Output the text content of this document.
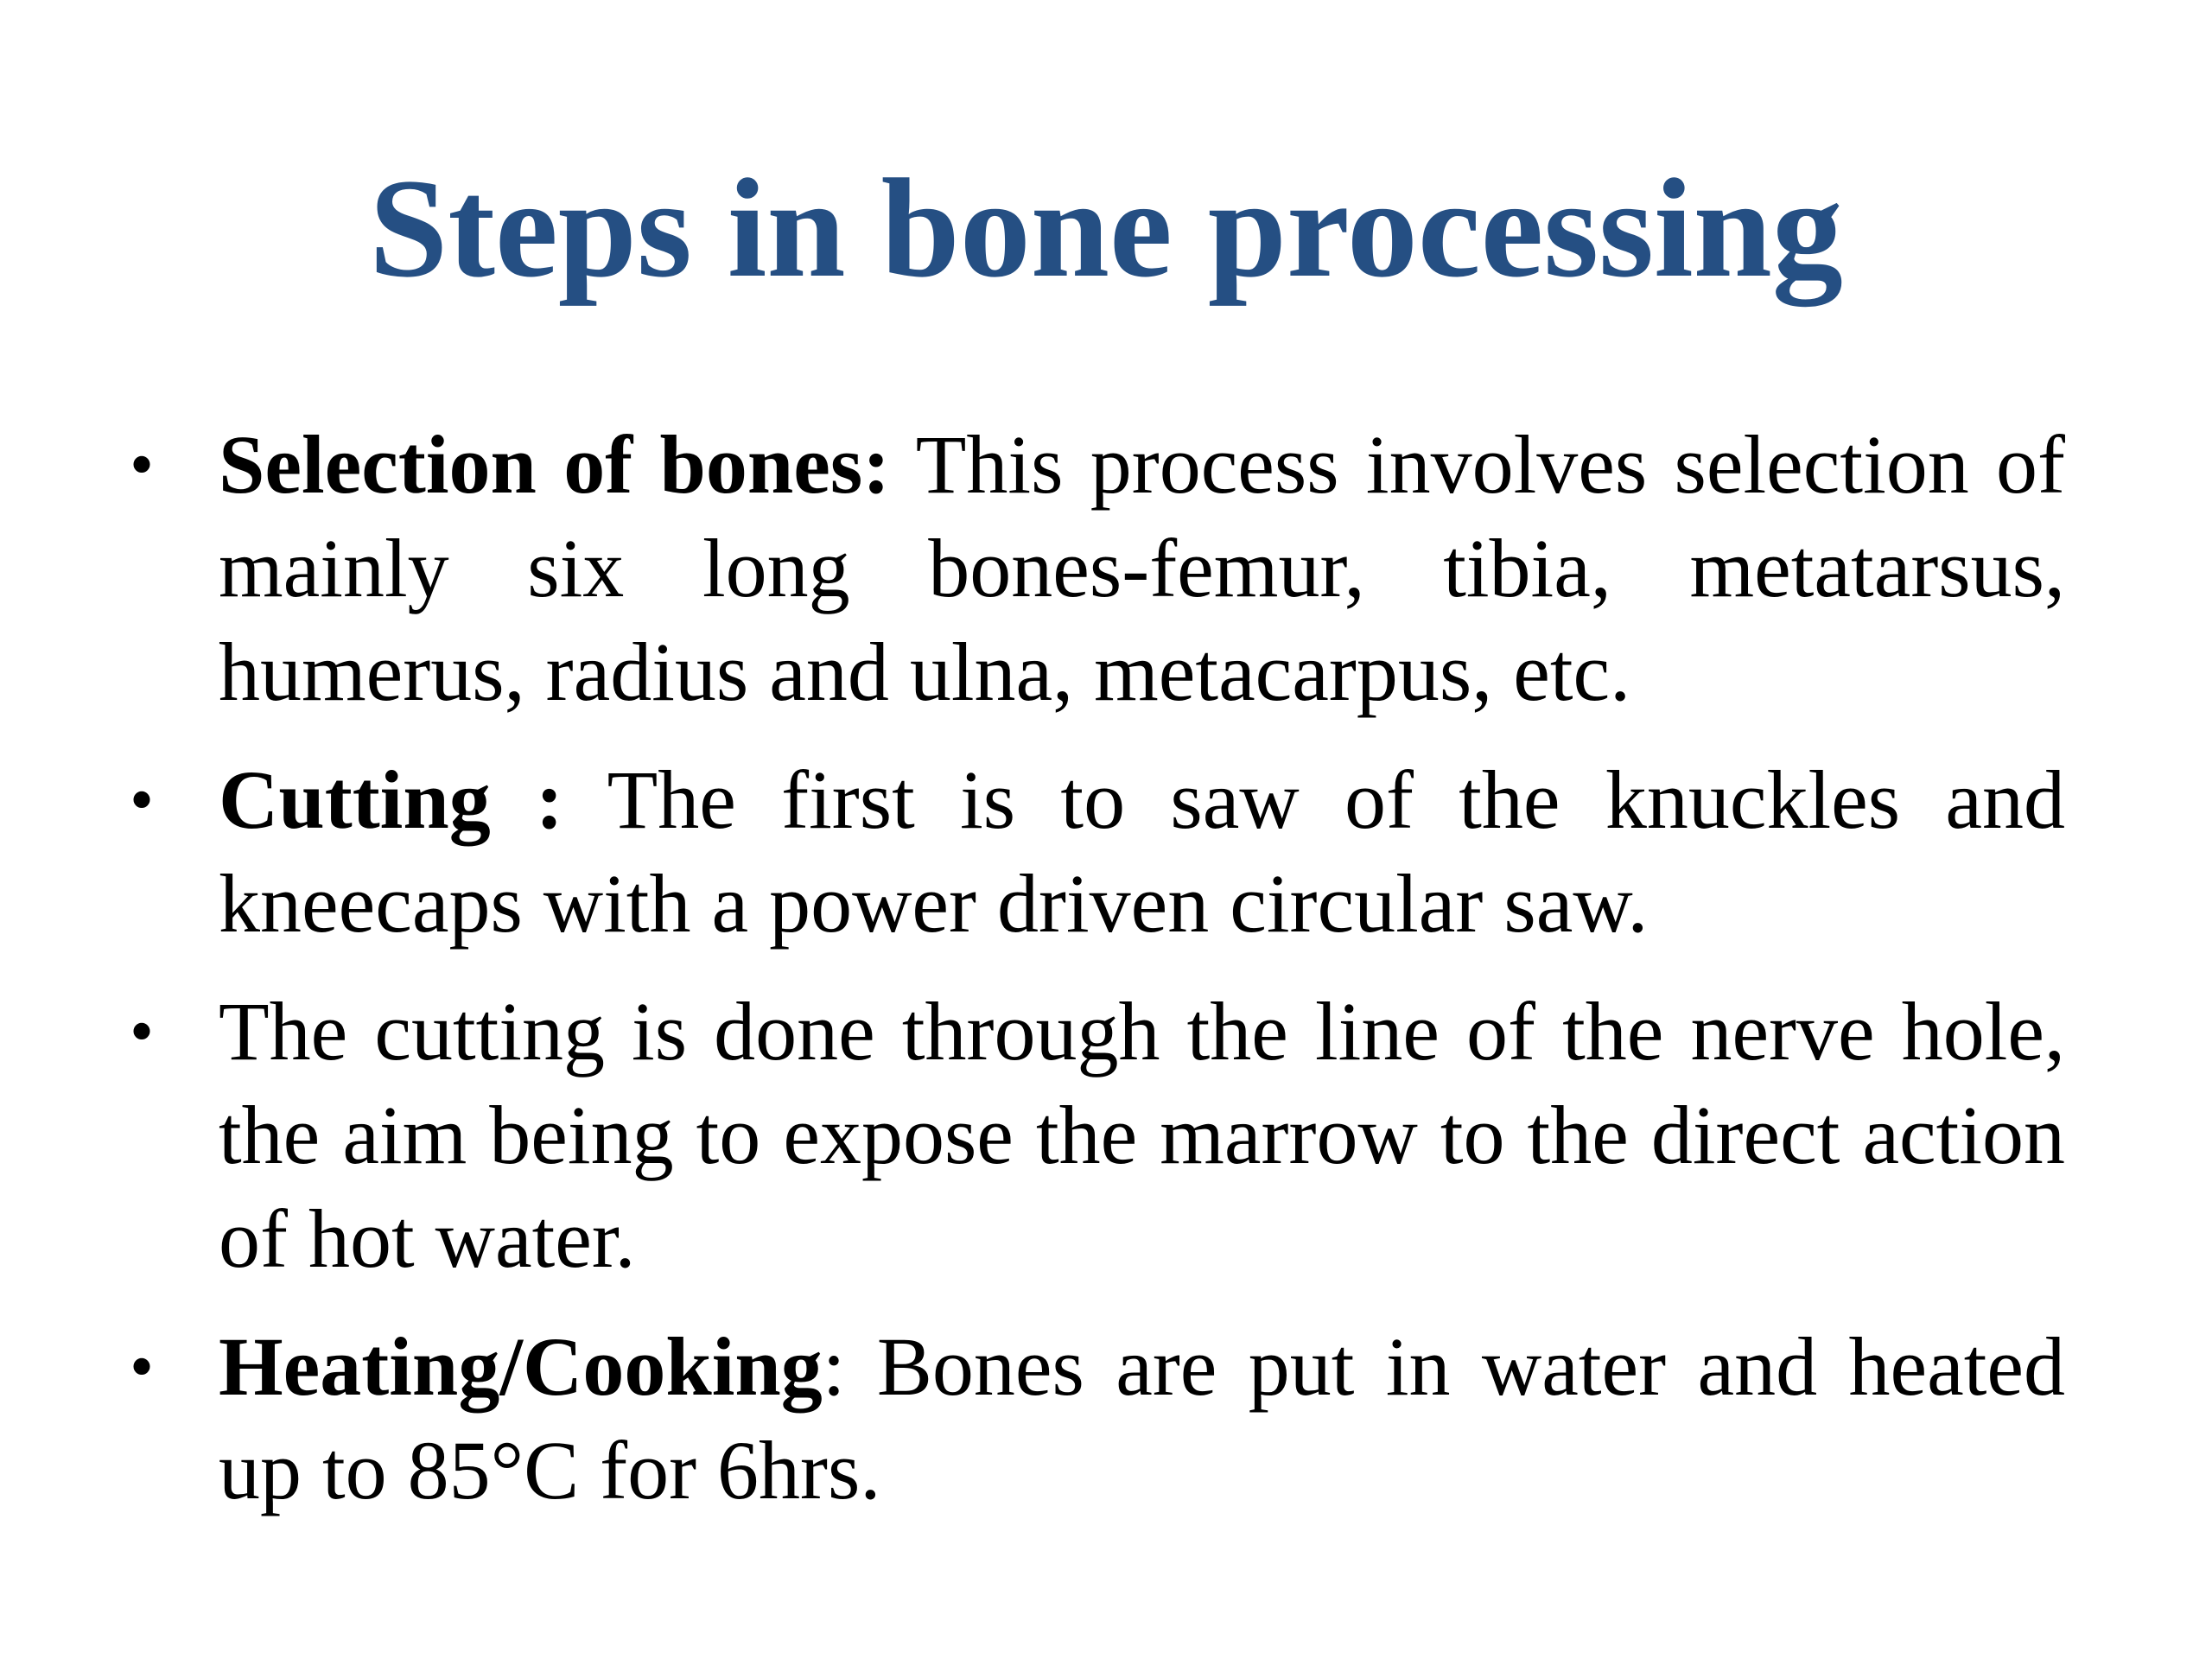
Steps in bone processing
• Selection of bones: This process involves selection of mainly six long bones-femur, tibia, metatarsus, humerus, radius and ulna, metacarpus, etc.
• Cutting : The first is to saw of the knuckles and kneecaps with a power driven circular saw.
• The cutting is done through the line of the nerve hole, the aim being to expose the marrow to the direct action of hot water.
• Heating/Cooking: Bones are put in water and heated up to 85°C for 6hrs.
